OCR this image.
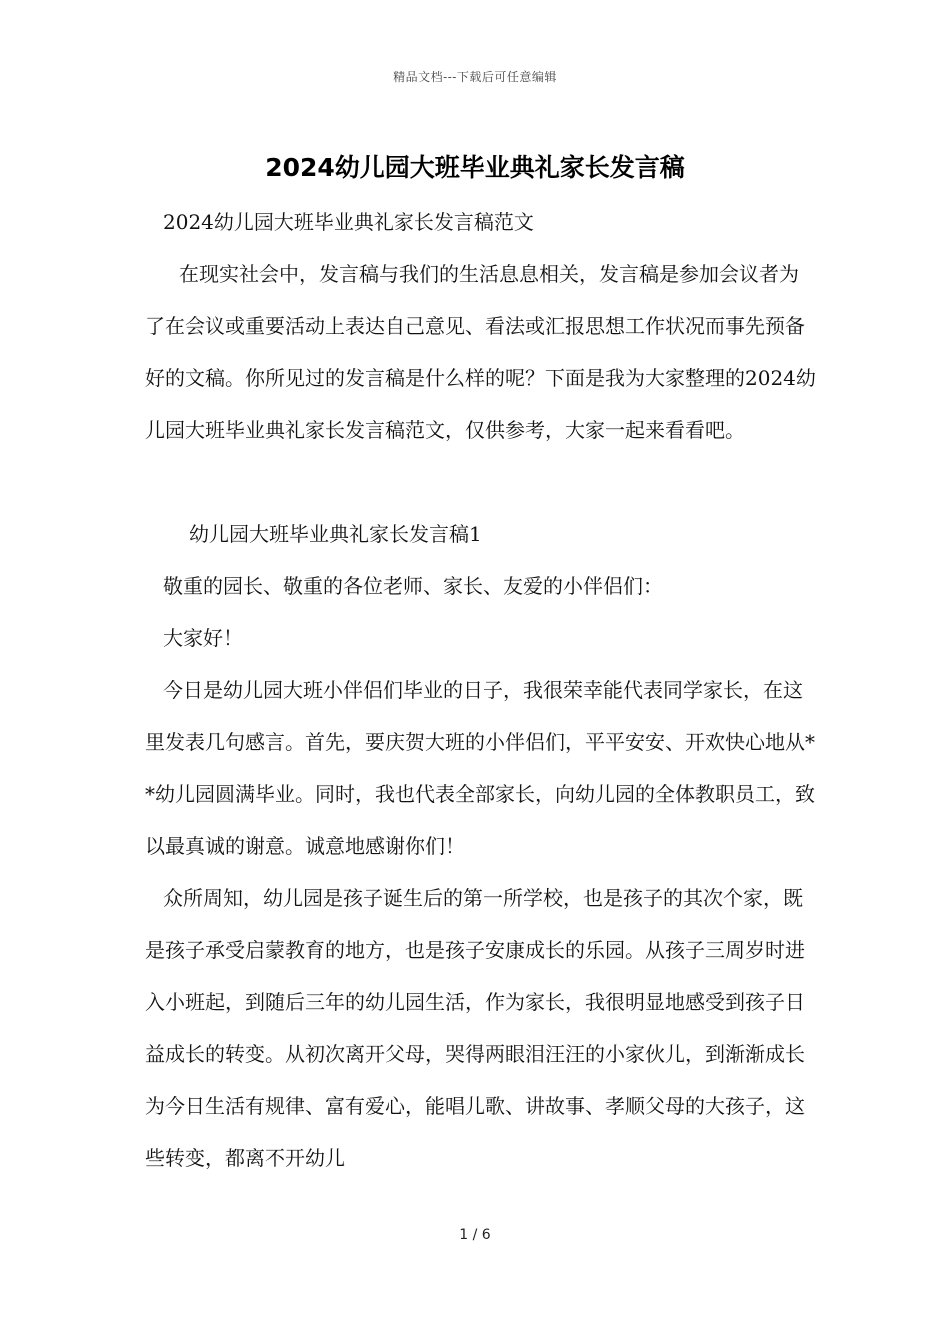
精品文档---下载后可任意编辑
2024幼儿园大班毕业典礼家长发言稿

2024幼儿园大班毕业典礼家长发言稿范文

在现实社会中，发言稿与我们的生活息息相关，发言稿是参加会议者为了在会议或重要活动上表达自己意见、看法或汇报思想工作状况而事先预备好的文稿。你所见过的发言稿是什么样的呢？下面是我为大家整理的2024幼儿园大班毕业典礼家长发言稿范文，仅供参考，大家一起来看看吧。

幼儿园大班毕业典礼家长发言稿1

敬重的园长、敬重的各位老师、家长、友爱的小伴侣们：

大家好！

今日是幼儿园大班小伴侣们毕业的日子，我很荣幸能代表同学家长，在这里发表几句感言。首先，要庆贺大班的小伴侣们，平平安安、开欢快心地从**幼儿园圆满毕业。同时，我也代表全部家长，向幼儿园的全体教职员工，致以最真诚的谢意。诚意地感谢你们！

众所周知，幼儿园是孩子诞生后的第一所学校，也是孩子的其次个家，既是孩子承受启蒙教育的地方，也是孩子安康成长的乐园。从孩子三周岁时进入小班起，到随后三年的幼儿园生活，作为家长，我很明显地感受到孩子日益成长的转变。从初次离开父母，哭得两眼泪汪汪的小家伙儿，到渐渐成长为今日生活有规律、富有爱心，能唱儿歌、讲故事、孝顺父母的大孩子，这些转变，都离不开幼儿

1 / 6
